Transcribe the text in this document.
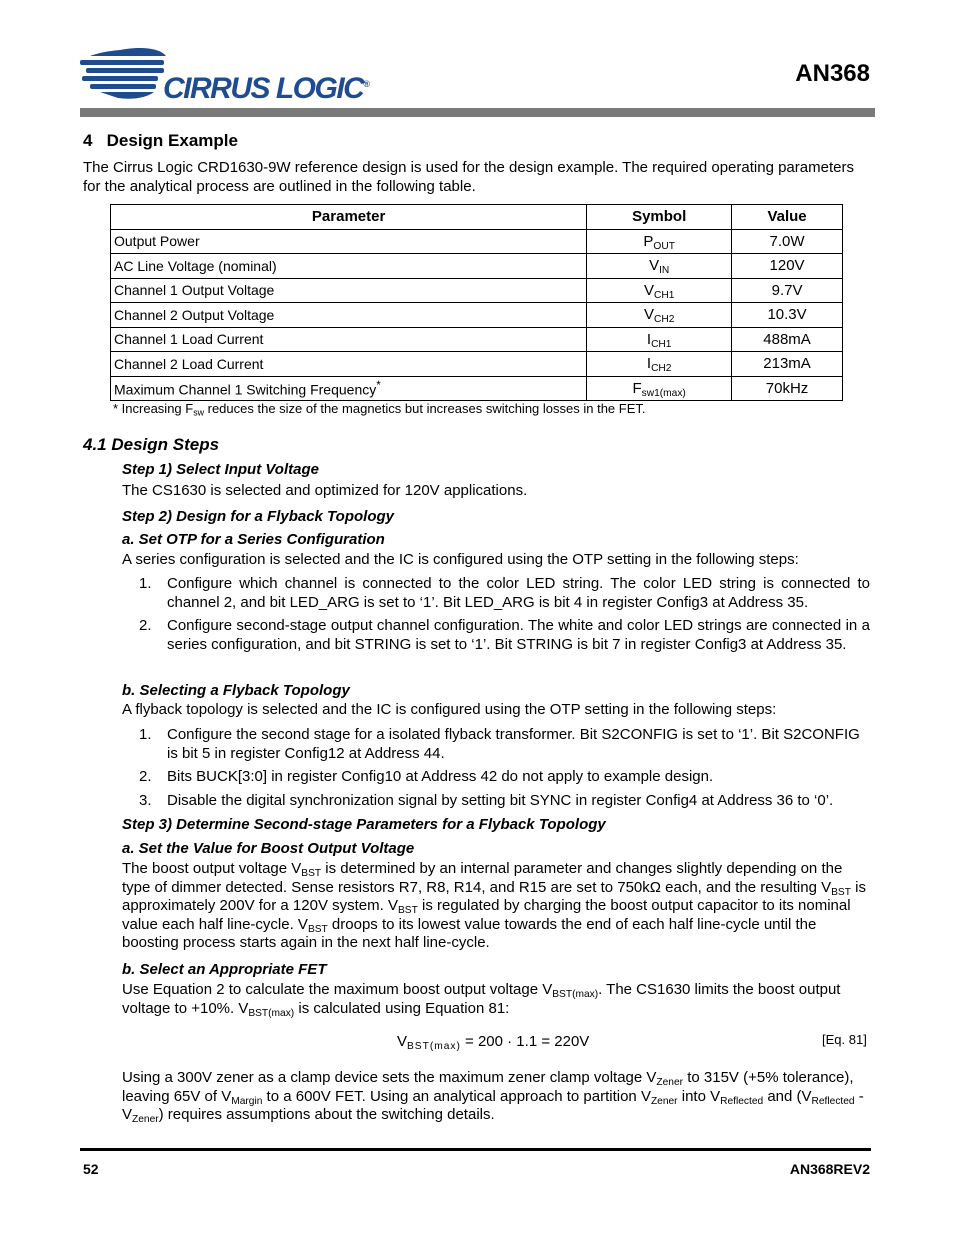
CIRRUS LOGIC®	AN368
4 Design Example
The Cirrus Logic CRD1630-9W reference design is used for the design example. The required operating parameters for the analytical process are outlined in the following table.
Parameter	Symbol	Value
Output Power	$P_{OUT}$	7.0W
AC Line Voltage (nominal)	$V_{IN}$	120V
Channel 1 Output Voltage	$V_{CH1}$	9.7V
Channel 2 Output Voltage	$V_{CH2}$	10.3V
Channel 1 Load Current	$I_{CH1}$	488mA
Channel 2 Load Current	$I_{CH2}$	213mA
Maximum Channel 1 Switching Frequency*	$F_{sw1(max)}$	70kHz
* Increasing $F_{sw}$ reduces the size of the magnetics but increases switching losses in the FET.
4.1 Design Steps
Step 1) Select Input Voltage
The CS1630 is selected and optimized for 120V applications.
Step 2) Design for a Flyback Topology
a. Set OTP for a Series Configuration
A series configuration is selected and the IC is configured using the OTP setting in the following steps:
1. Configure which channel is connected to the color LED string. The color LED string is connected to channel 2, and bit LED_ARG is set to ‘1’. Bit LED_ARG is bit 4 in register Config3 at Address 35.
2. Configure second-stage output channel configuration. The white and color LED strings are connected in a series configuration, and bit STRING is set to ‘1’. Bit STRING is bit 7 in register Config3 at Address 35.
b. Selecting a Flyback Topology
A flyback topology is selected and the IC is configured using the OTP setting in the following steps:
1. Configure the second stage for a isolated flyback transformer. Bit S2CONFIG is set to ‘1’. Bit S2CONFIG is bit 5 in register Config12 at Address 44.
2. Bits BUCK[3:0] in register Config10 at Address 42 do not apply to example design.
3. Disable the digital synchronization signal by setting bit SYNC in register Config4 at Address 36 to ‘0’.
Step 3) Determine Second-stage Parameters for a Flyback Topology
a. Set the Value for Boost Output Voltage
The boost output voltage $V_{BST}$ is determined by an internal parameter and changes slightly depending on the type of dimmer detected. Sense resistors R7, R8, R14, and R15 are set to 750kΩ each, and the resulting $V_{BST}$ is approximately 200V for a 120V system. $V_{BST}$ is regulated by charging the boost output capacitor to its nominal value each half line-cycle. $V_{BST}$ droops to its lowest value towards the end of each half line-cycle until the boosting process starts again in the next half line-cycle.
b. Select an Appropriate FET
Use Equation 2 to calculate the maximum boost output voltage $V_{BST(max)}$. The CS1630 limits the boost output voltage to +10%. $V_{BST(max)}$ is calculated using Equation 81:
$V_{BST(max)} = 200 \cdot 1.1 = 220V$	[Eq. 81]
Using a 300V zener as a clamp device sets the maximum zener clamp voltage $V_{Zener}$ to 315V (+5% tolerance), leaving 65V of $V_{Margin}$ to a 600V FET. Using an analytical approach to partition $V_{Zener}$ into $V_{Reflected}$ and $(V_{Reflected} - V_{Zener})$ requires assumptions about the switching details.
52	AN368REV2
